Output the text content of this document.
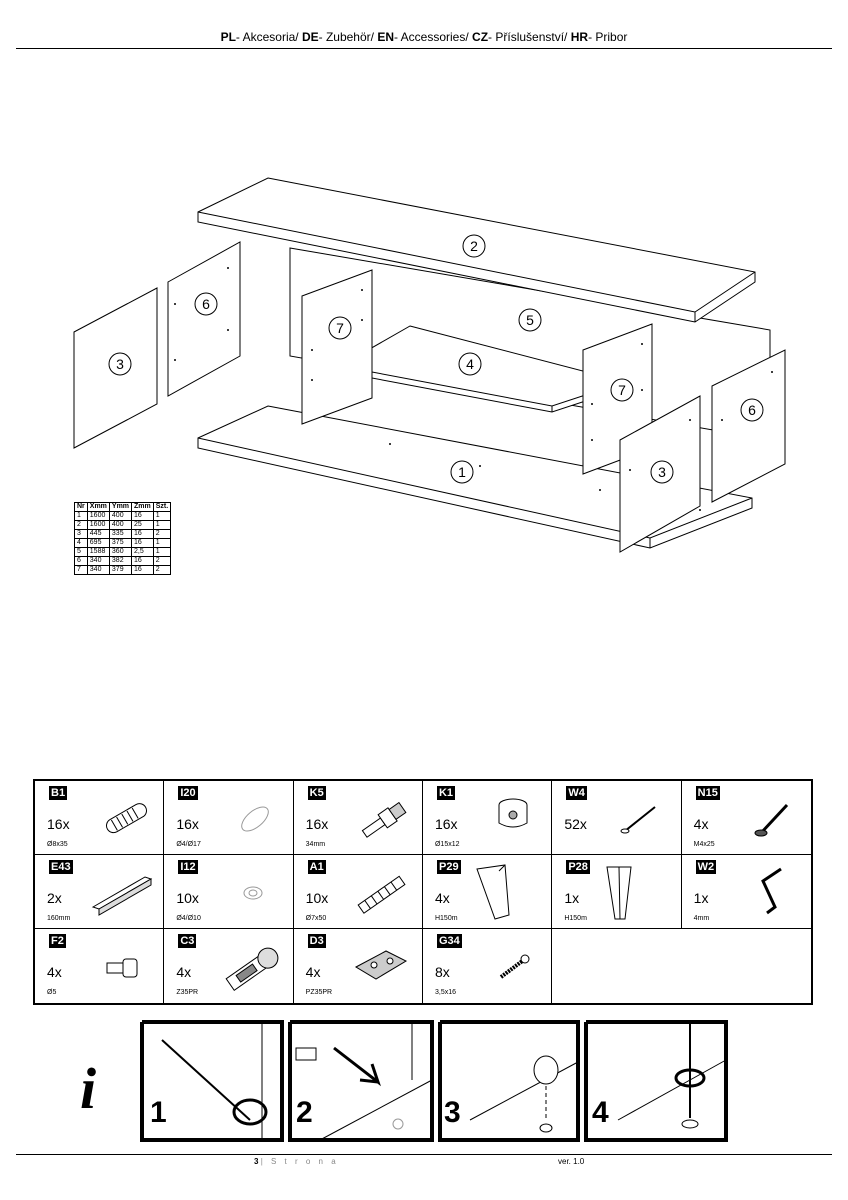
PL- Akcesoria/ DE- Zubehör/ EN- Accessories/ CZ- Příslušenství/ HR- Pribor
2
5
4
1
7
7
3
6
3
6
Nr	Xmm	Ymm	Zmm	Szt.
1	1600	400	16	1
2	1600	400	25	1
3	445	335	16	2
4	695	375	16	1
5	1588	360	2,5	1
6	340	382	16	2
7	340	379	16	2
B1
16x
Ø8x35
I20
16x
Ø4/Ø17
K5
16x
34mm
K1
16x
Ø15x12
W4
52x
N15
4x
M4x25
E43
2x
160mm
I12
10x
Ø4/Ø10
A1
10x
Ø7x50
P29
4x
H150m
P28
1x
H150m
W2
1x
4mm
F2
4x
Ø5
C3
4x
Z35PR
D3
4x
PZ35PR
G34
8x
3,5x16
i 1	2	3	4
3 | S t r o n a	ver. 1.0
